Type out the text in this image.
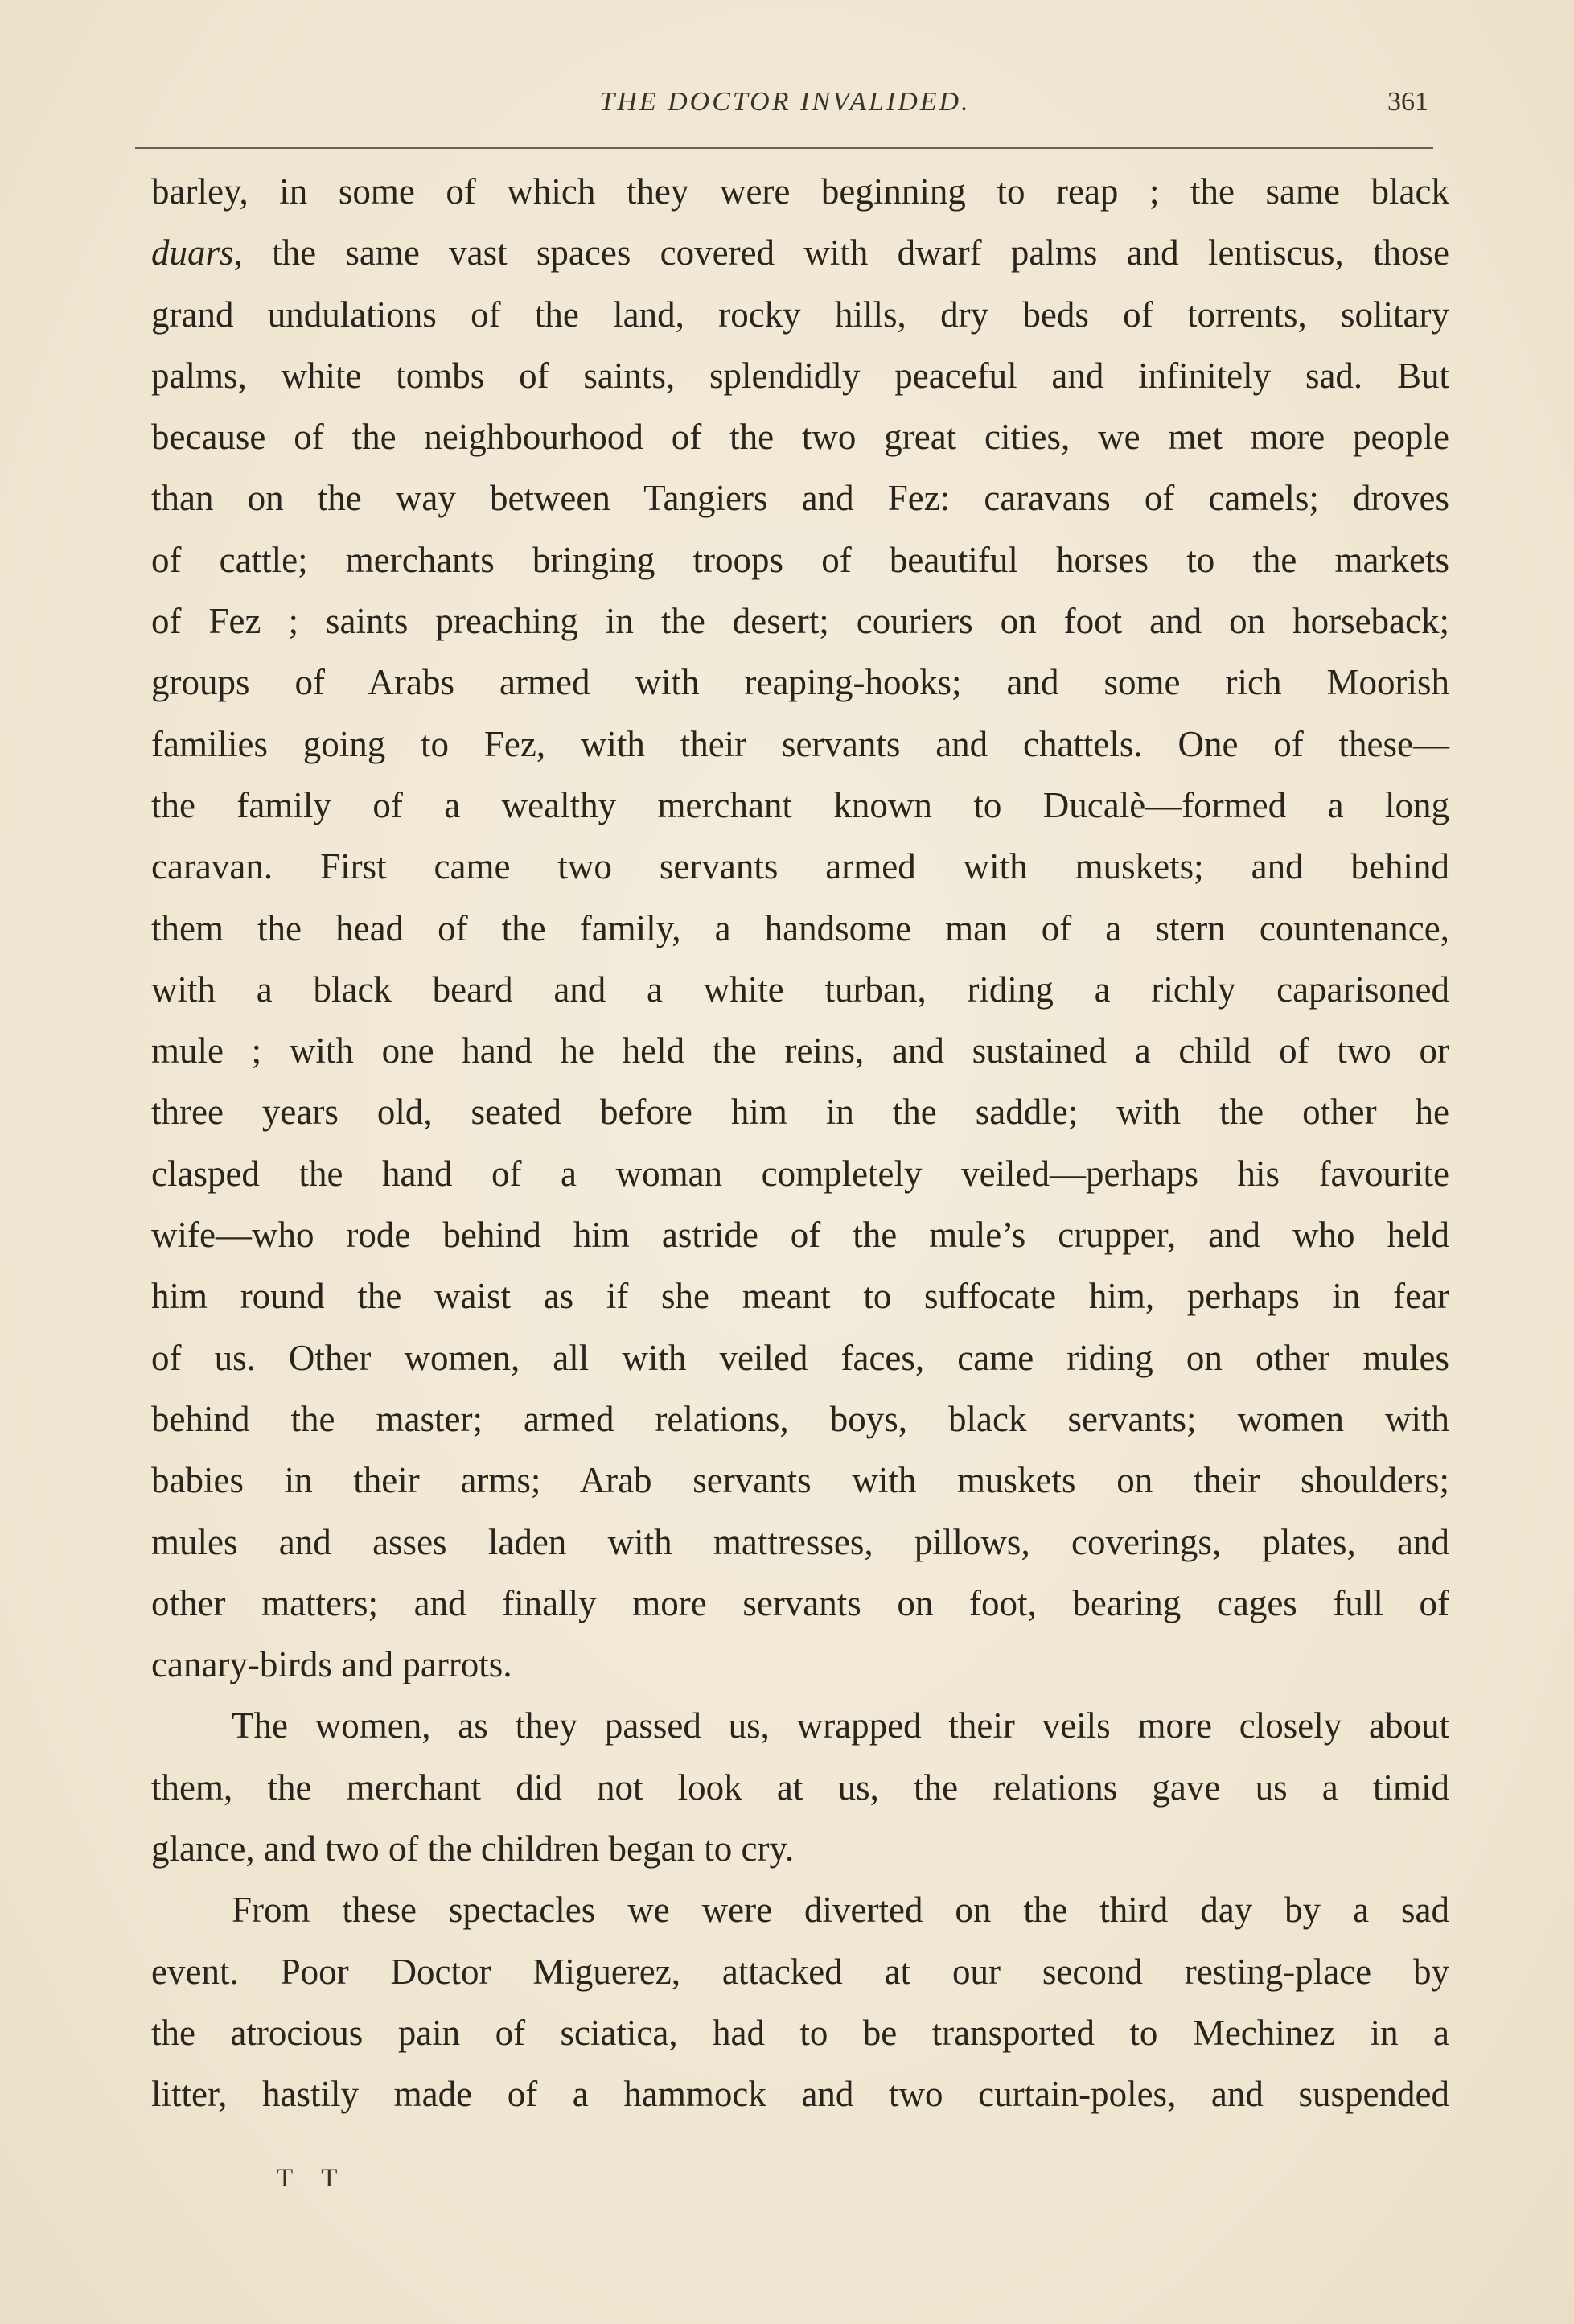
THE DOCTOR INVALIDED.	361
barley, in some of which they were beginning to reap ; the same black
duars, the same vast spaces covered with dwarf palms and lentiscus, those
grand undulations of the land, rocky hills, dry beds of torrents, solitary
palms, white tombs of saints, splendidly peaceful and infinitely sad. But
because of the neighbourhood of the two great cities, we met more people
than on the way between Tangiers and Fez: caravans of camels; droves
of cattle; merchants bringing troops of beautiful horses to the markets
of Fez ; saints preaching in the desert; couriers on foot and on horseback;
groups of Arabs armed with reaping-hooks; and some rich Moorish
families going to Fez, with their servants and chattels. One of these—
the family of a wealthy merchant known to Ducalè—formed a long
caravan. First came two servants armed with muskets; and behind
them the head of the family, a handsome man of a stern countenance,
with a black beard and a white turban, riding a richly caparisoned
mule ; with one hand he held the reins, and sustained a child of two or
three years old, seated before him in the saddle; with the other he
clasped the hand of a woman completely veiled—perhaps his favourite
wife—who rode behind him astride of the mule’s crupper, and who held
him round the waist as if she meant to suffocate him, perhaps in fear
of us. Other women, all with veiled faces, came riding on other mules
behind the master; armed relations, boys, black servants; women with
babies in their arms; Arab servants with muskets on their shoulders;
mules and asses laden with mattresses, pillows, coverings, plates, and
other matters; and finally more servants on foot, bearing cages full of
canary-birds and parrots.
The women, as they passed us, wrapped their veils more closely about
them, the merchant did not look at us, the relations gave us a timid
glance, and two of the children began to cry.
From these spectacles we were diverted on the third day by a sad
event. Poor Doctor Miguerez, attacked at our second resting-place by
the atrocious pain of sciatica, had to be transported to Mechinez in a
litter, hastily made of a hammock and two curtain-poles, and suspended
T T
